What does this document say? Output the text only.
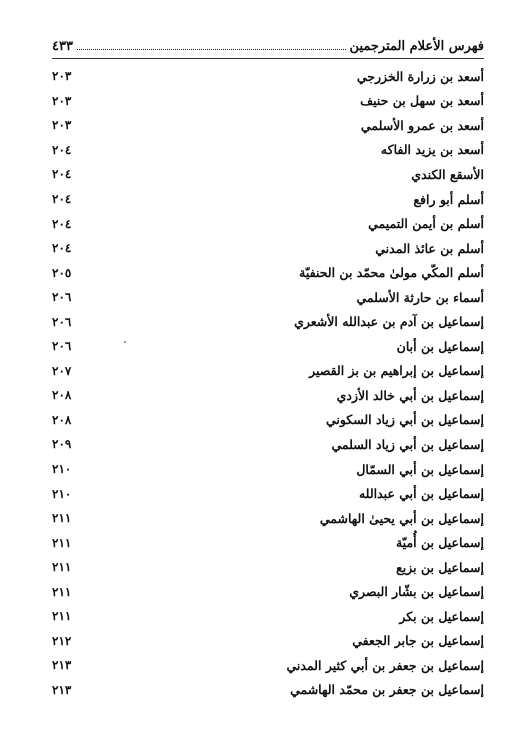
فهرس الأعلام المترجمين
٤٣٣
أسعد بن زرارة الخزرجي
٢٠٣
أسعد بن سهل بن حنيف
٢٠٣
أسعد بن عمرو الأسلمي
٢٠٣
أسعد بن يزيد الفاكه
٢٠٤
الأسقع الكندي
٢٠٤
أسلم أبو رافع
٢٠٤
أسلم بن أيمن التميمي
٢٠٤
أسلم بن عائذ المدني
٢٠٤
أسلم المكّي مولىٰ محمّد بن الحنفيّة
٢٠٥
أسماء بن حارثة الأسلمي
٢٠٦
إسماعيل بن آدم بن عبدالله الأشعري
٢٠٦
إسماعيل بن أبان
٢٠٦
إسماعيل بن إبراهيم بن بز القصير
٢٠٧
إسماعيل بن أبي خالد الأزدي
٢٠٨
إسماعيل بن أبي زياد السكوني
٢٠٨
إسماعيل بن أبي زياد السلمي
٢٠٩
إسماعيل بن أبي السمّال
٢١٠
إسماعيل بن أبي عبدالله
٢١٠
إسماعيل بن أبي يحيىٰ الهاشمي
٢١١
إسماعيل بن أُميّة
٢١١
إسماعيل بن بزيع
٢١١
إسماعيل بن بشّار البصري
٢١١
إسماعيل بن بكر
٢١١
إسماعيل بن جابر الجعفي
٢١٢
إسماعيل بن جعفر بن أبي كثير المدني
٢١٣
إسماعيل بن جعفر بن محمّد الهاشمي
٢١٣
